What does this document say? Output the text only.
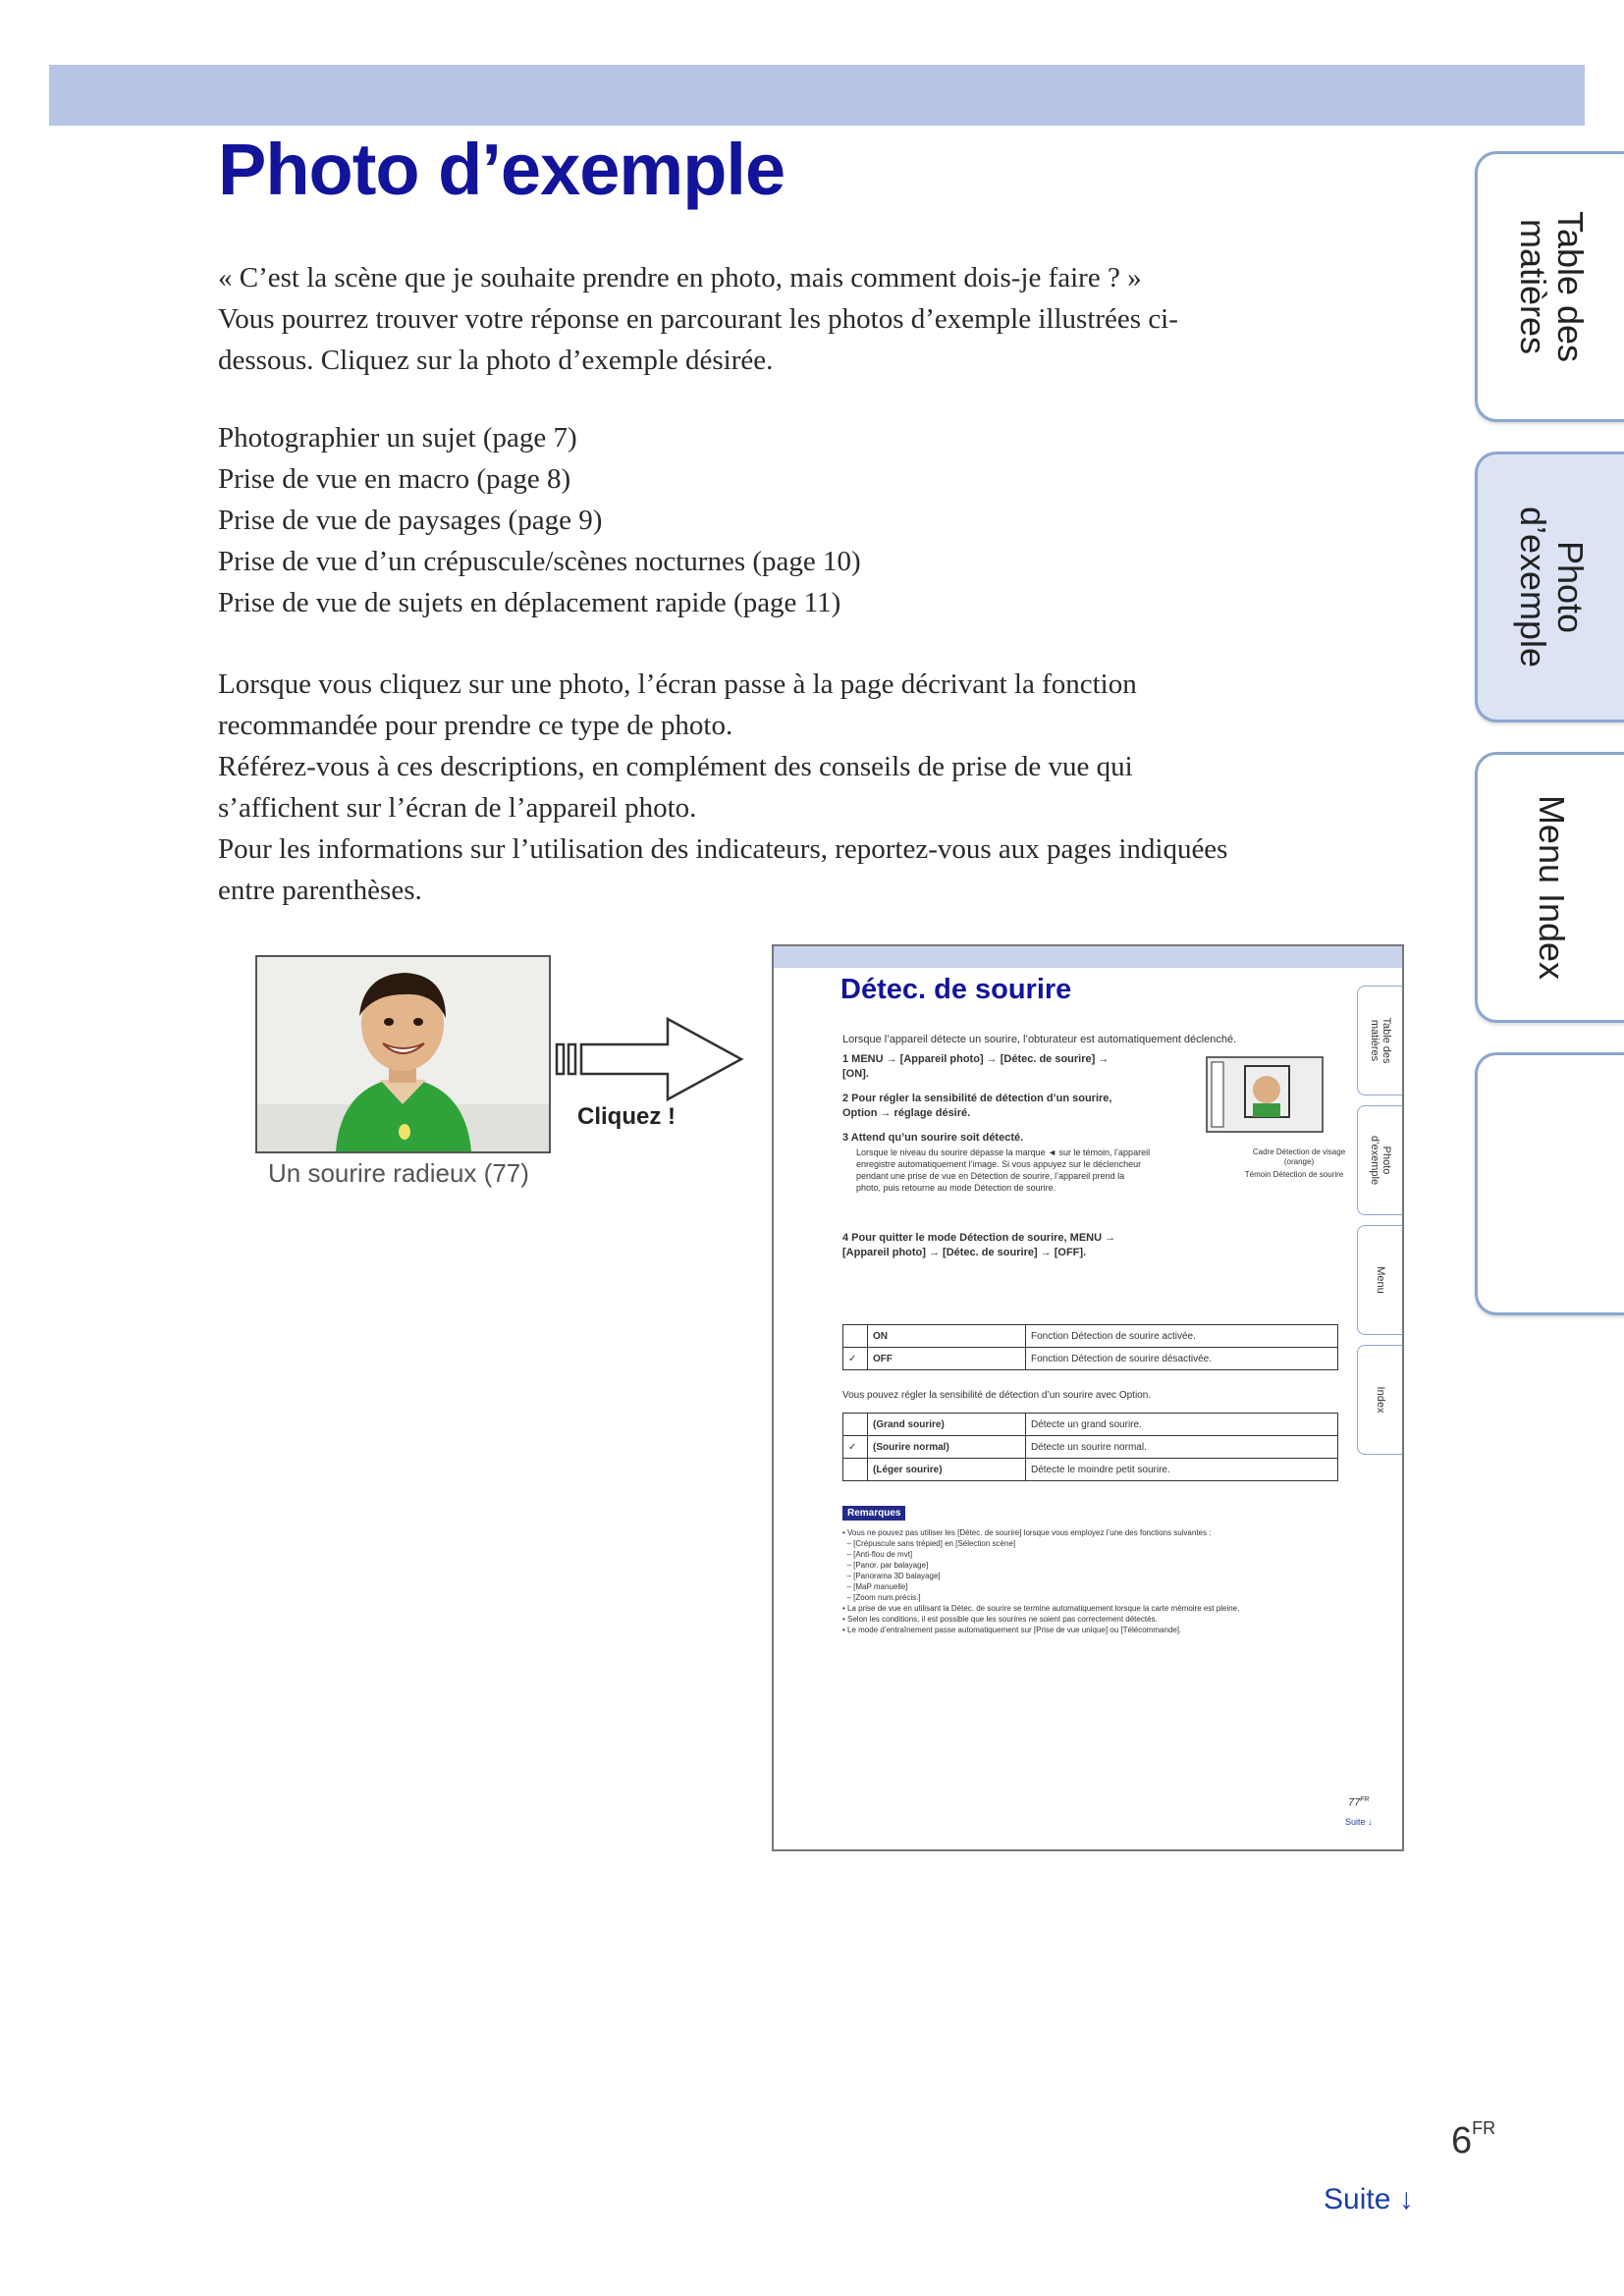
Photo d’exemple

« C’est la scène que je souhaite prendre en photo, mais comment dois-je faire ? »

Vous pourrez trouver votre réponse en parcourant les photos d’exemple illustrées ci-

dessous. Cliquez sur la photo d’exemple désirée.

Photographier un sujet (page 7)
Prise de vue en macro (page 8)
Prise de vue de paysages (page 9)
Prise de vue d’un crépuscule/scènes nocturnes (page 10)
Prise de vue de sujets en déplacement rapide (page 11)

Lorsque vous cliquez sur une photo, l’écran passe à la page décrivant la fonction

recommandée pour prendre ce type de photo.

Référez-vous à ces descriptions, en complément des conseils de prise de vue qui

s’affichent sur l’écran de l’appareil photo.

Pour les informations sur l’utilisation des indicateurs, reportez-vous aux pages indiquées

entre parenthèses.

Table des
matières
Photo
d’exemple
Menu Index
Un sourire radieux (77)
Cliquez !
Détec. de sourire
Lorsque l’appareil détecte un sourire, l’obturateur est automatiquement déclenché.
1 MENU → [Appareil photo] → [Détec. de sourire] → [ON].
2 Pour régler la sensibilité de détection d’un sourire, Option → réglage désiré.
3 Attend qu’un sourire soit détecté.
Lorsque le niveau du sourire dépasse la marque ◄ sur le témoin, l’appareil enregistre automatiquement l’image. Si vous appuyez sur le déclencheur pendant une prise de vue en Détection de sourire, l’appareil prend la photo, puis retourne au mode Détection de sourire.
4 Pour quitter le mode Détection de sourire, MENU → [Appareil photo] → [Détec. de sourire] → [OFF].
Cadre Détection de visage (orange)
Témoin Détection de sourire
	ON	Fonction Détection de sourire activée.
✓	OFF	Fonction Détection de sourire désactivée.
Vous pouvez régler la sensibilité de détection d’un sourire avec Option.
	(Grand sourire)	Détecte un grand sourire.
✓	(Sourire normal)	Détecte un sourire normal.
	(Léger sourire)	Détecte le moindre petit sourire.
Remarques
• Vous ne pouvez pas utiliser les [Détec. de sourire] lorsque vous employez l’une des fonctions suivantes :
– [Crépuscule sans trépied] en [Sélection scène]
– [Anti-flou de mvt]
– [Panor. par balayage]
– [Panorama 3D balayage]
– [MaP manuelle]
– [Zoom num.précis.]
• La prise de vue en utilisant la Détec. de sourire se termine automatiquement lorsque la carte mémoire est pleine.
• Selon les conditions, il est possible que les sourires ne soient pas correctement détectés.
• Le mode d’entraînement passe automatiquement sur [Prise de vue unique] ou [Télécommande].
Table des
matières
Photo
d’exemple
Menu
Index
$77^{FR}$
Suite ↓
$6^{FR}$
Suite ↓
